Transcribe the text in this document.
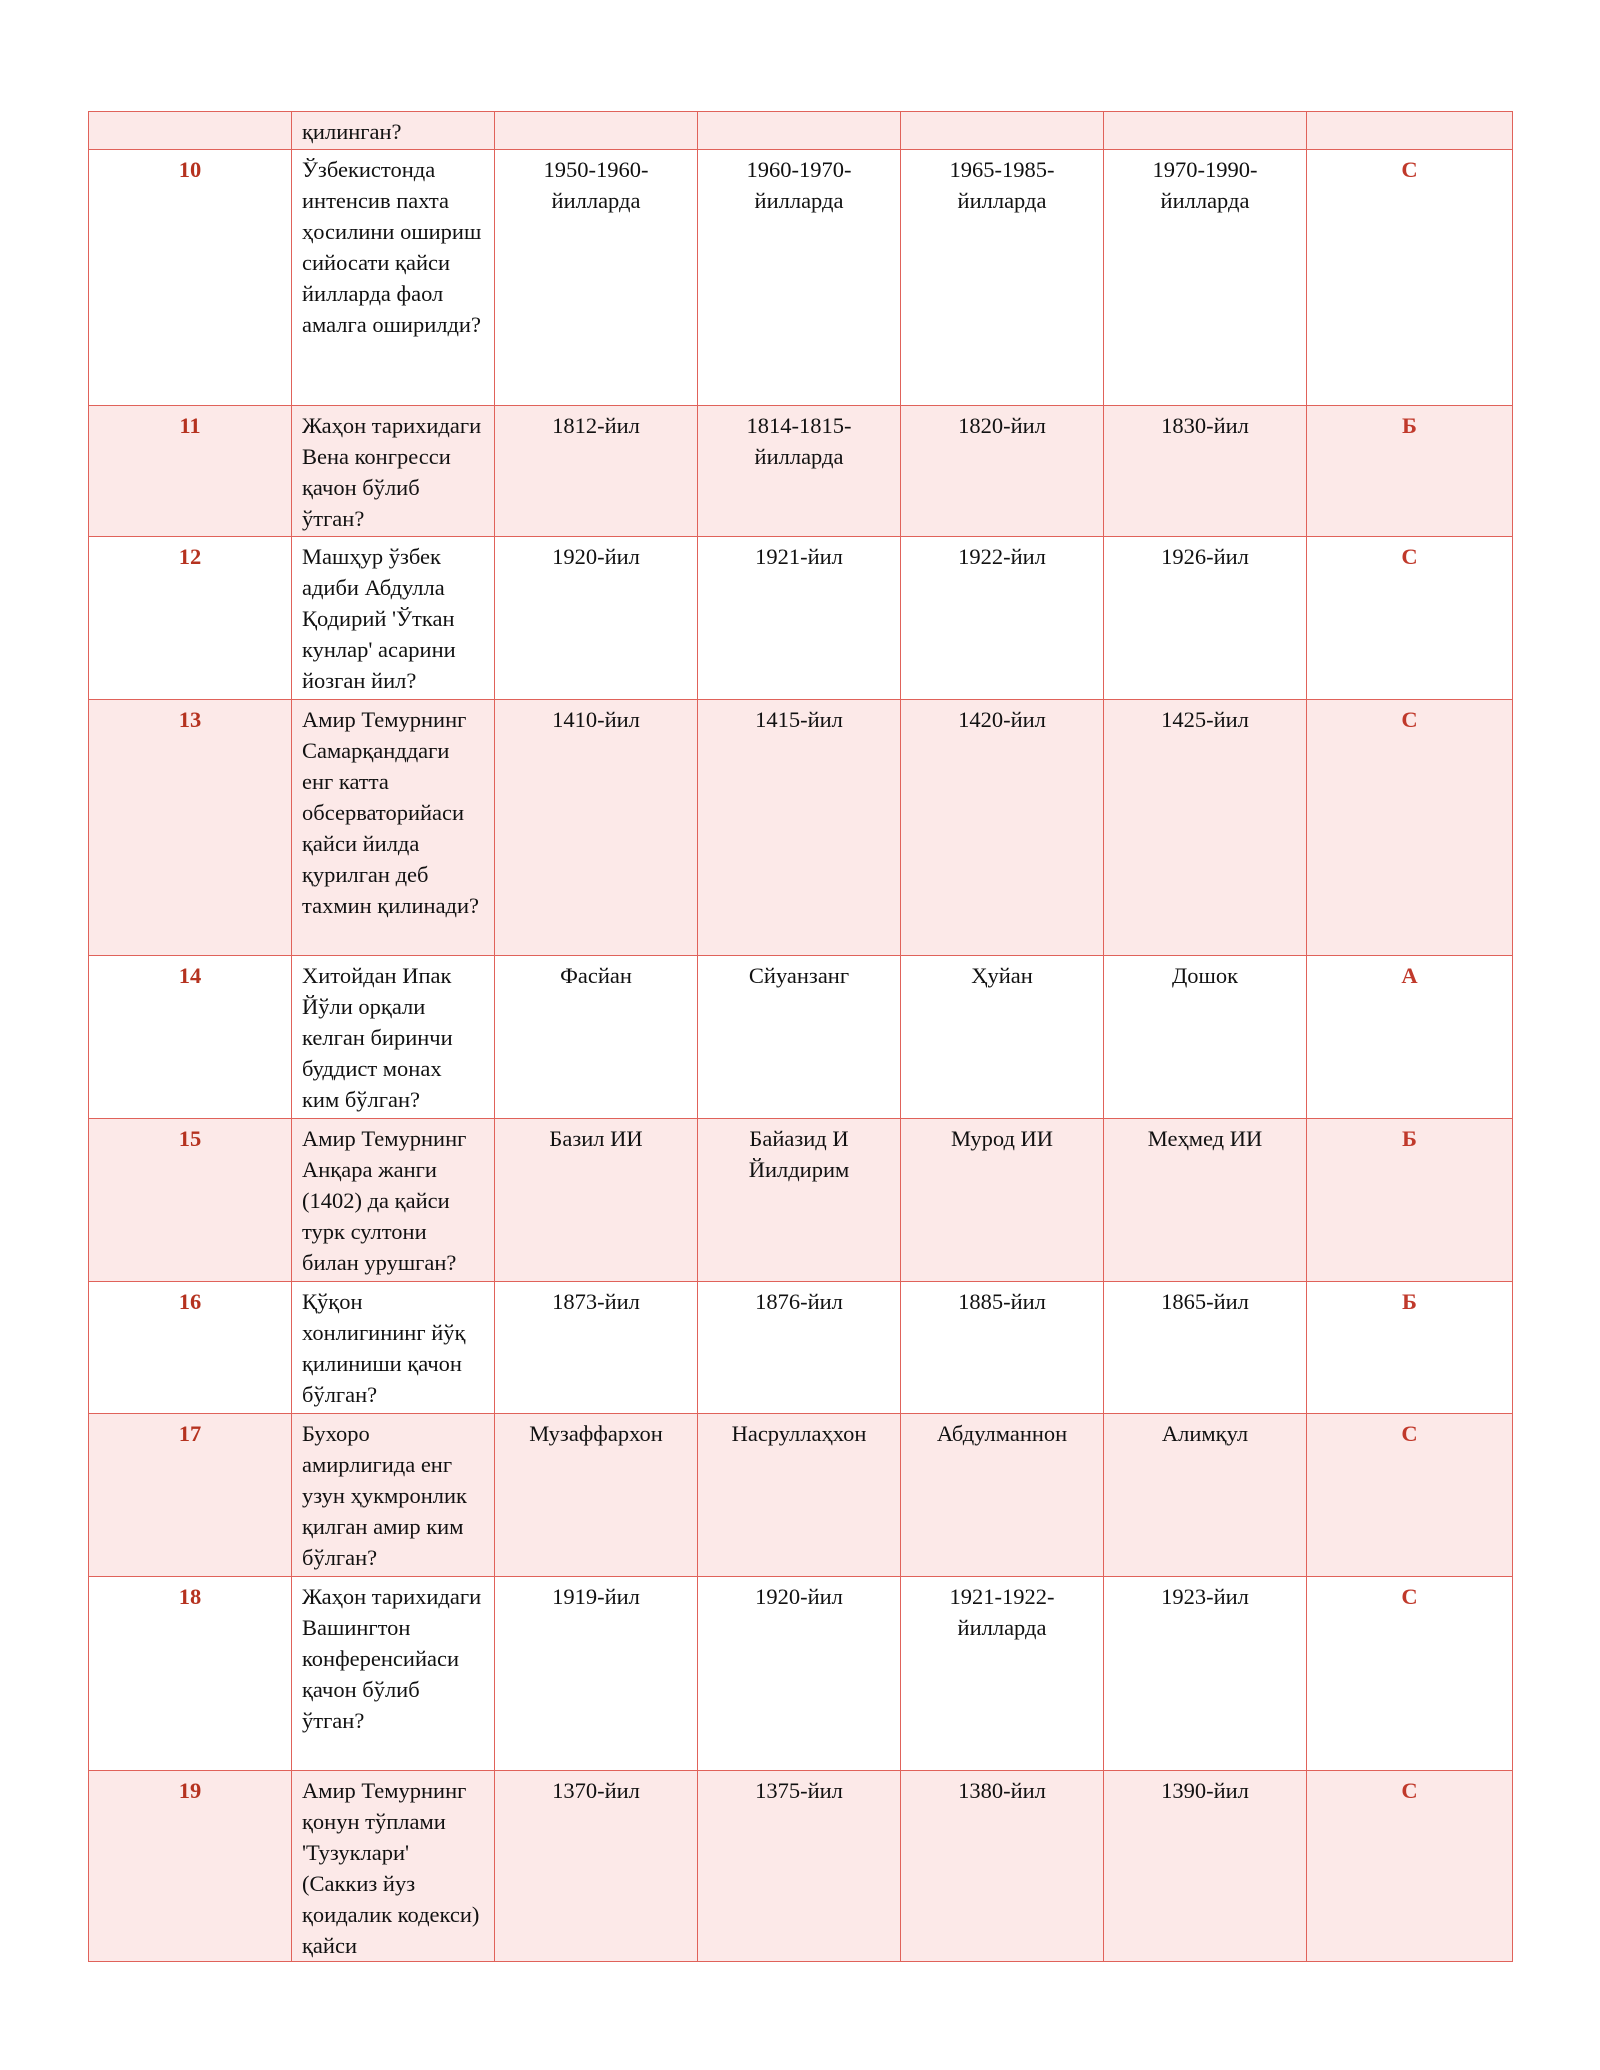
	қилинган?					
10	Ўзбекистонда интенсив пахта ҳосилини ошириш сийосати қайси йилларда фаол амалга оширилди?	1950-1960-йилларда	1960-1970-йилларда	1965-1985-йилларда	1970-1990-йилларда	C
11	Жаҳон тарихидаги Вена конгресси қачон бўлиб ўтган?	1812-йил	1814-1815-йилларда	1820-йил	1830-йил	Б
12	Машҳур ўзбек адиби Абдулла Қодирий 'Ўткан кунлар' асарини йозган йил?	1920-йил	1921-йил	1922-йил	1926-йил	C
13	Амир Темурнинг Самарқанддаги енг катта обсерваторийаси қайси йилда қурилган деб тахмин қилинади?	1410-йил	1415-йил	1420-йил	1425-йил	C
14	Хитойдан Ипак Йўли орқали келган биринчи буддист монах ким бўлган?	Фасйан	Сйуанзанг	Ҳуйан	Дошок	A
15	Амир Темурнинг Анқара жанги (1402) да қайси турк султони билан урушган?	Базил ИИ	Байазид И Йилдирим	Мурод ИИ	Меҳмед ИИ	Б
16	Қўқон хонлигининг йўқ қилиниши қачон бўлган?	1873-йил	1876-йил	1885-йил	1865-йил	Б
17	Бухоро амирлигида енг узун ҳукмронлик қилган амир ким бўлган?	Музаффархон	Насруллаҳхон	Абдулманнон	Алимқул	C
18	Жаҳон тарихидаги Вашингтон конференсийаси қачон бўлиб ўтган?	1919-йил	1920-йил	1921-1922-йилларда	1923-йил	C
19	Амир Темурнинг қонун тўплами 'Тузуклари' (Саккиз йуз қоидалик кодекси) қайси	1370-йил	1375-йил	1380-йил	1390-йил	C
